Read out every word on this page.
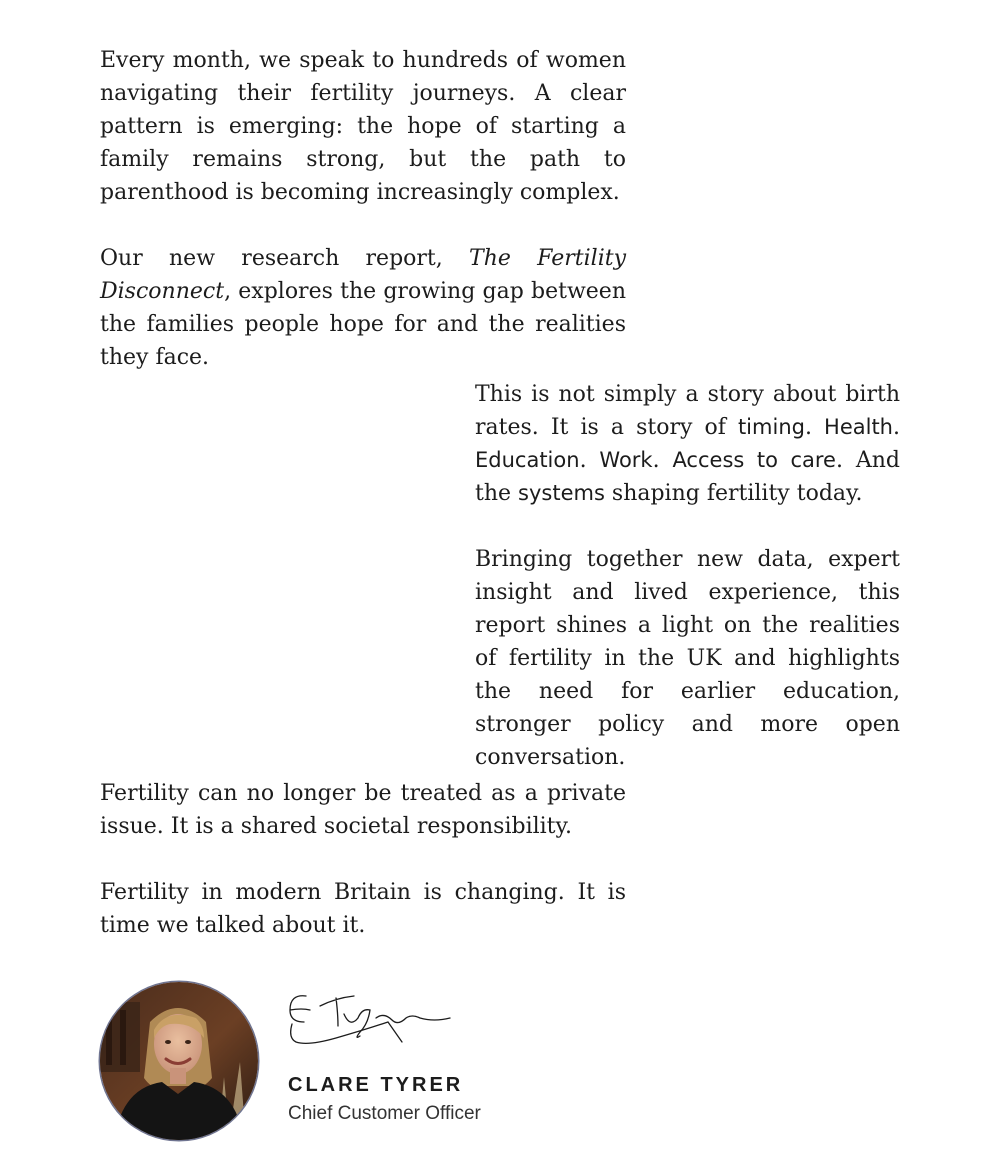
Every month, we speak to hundreds of women navigating their fertility journeys. A clear pattern is emerging: the hope of starting a family remains strong, but the path to parenthood is becoming increasingly complex.

Our new research report, The Fertility Disconnect, explores the growing gap between the families people hope for and the realities they face.

This is not simply a story about birth rates. It is a story of timing. Health. Education. Work. Access to care. And the systems shaping fertility today.

Bringing together new data, expert insight and lived experience, this report shines a light on the realities of fertility in the UK and highlights the need for earlier education, stronger policy and more open conversation.

Fertility can no longer be treated as a private issue. It is a shared societal responsibility.

Fertility in modern Britain is changing. It is time we talked about it.

CLARE TYRER

Chief Customer Officer
